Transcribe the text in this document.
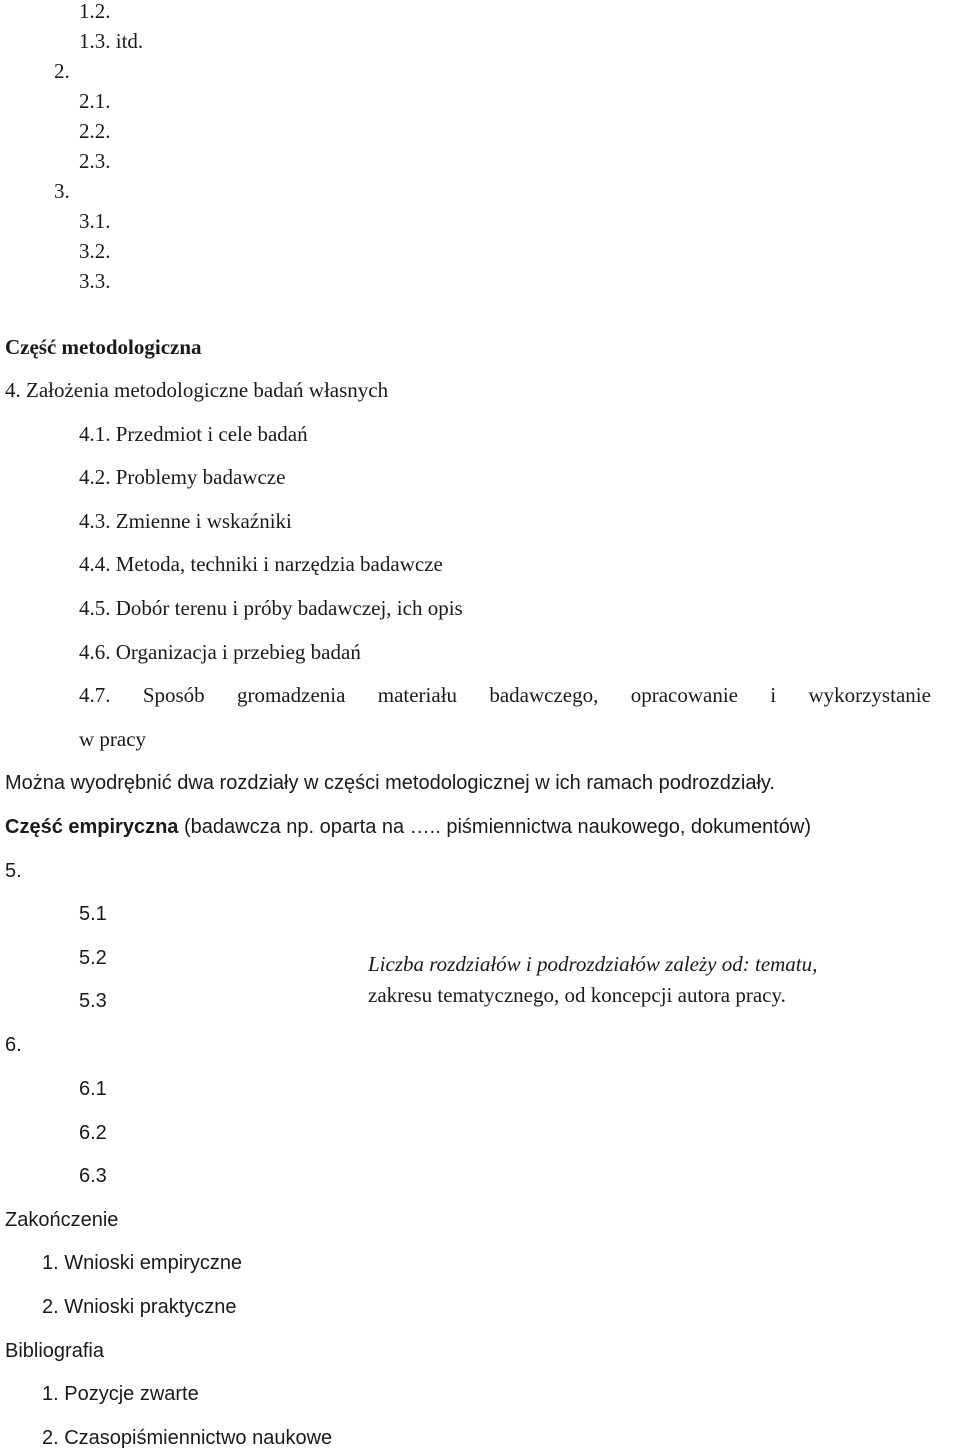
1.2.
1.3. itd.
2.
2.1.
2.2.
2.3.
3.
3.1.
3.2.
3.3.
Część metodologiczna
4. Założenia metodologiczne badań własnych
4.1. Przedmiot i cele badań
4.2. Problemy badawcze
4.3. Zmienne i wskaźniki
4.4. Metoda, techniki i narzędzia badawcze
4.5. Dobór terenu i próby badawczej, ich opis
4.6. Organizacja i przebieg badań
4.7. Sposób gromadzenia materiału badawczego, opracowanie i wykorzystanie
w pracy
Można wyodrębnić dwa rozdziały w części metodologicznej w ich ramach podrozdziały.
Część empiryczna (badawcza np. oparta na ….. piśmiennictwa naukowego, dokumentów)
5.
5.1
5.2
5.3
Liczba rozdziałów i podrozdziałów zależy od: tematu,
zakresu tematycznego, od koncepcji autora pracy.
6.
6.1
6.2
6.3
Zakończenie
1. Wnioski empiryczne
2. Wnioski praktyczne
Bibliografia
1. Pozycje zwarte
2. Czasopiśmiennictwo naukowe
